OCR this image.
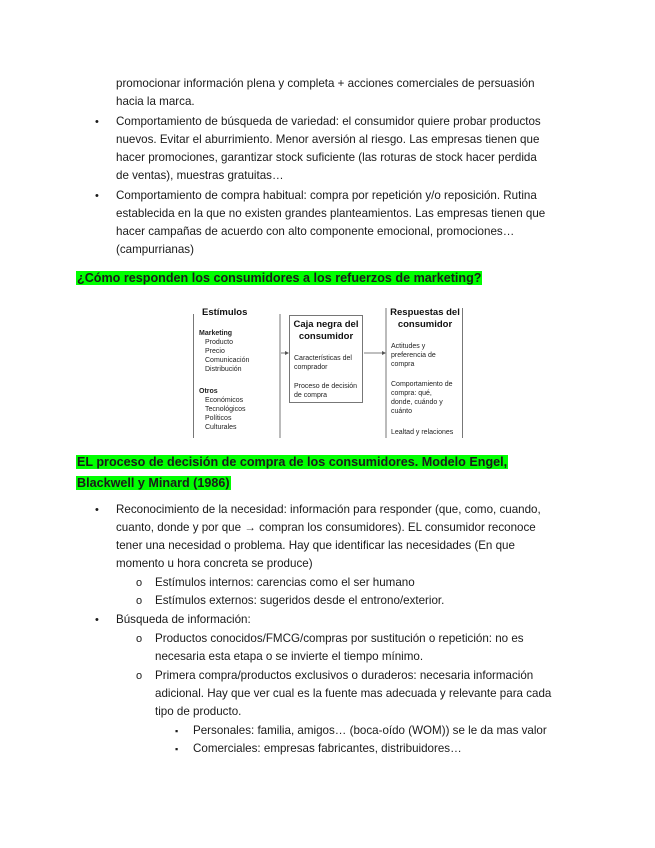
promocionar información plena y completa + acciones comerciales de persuasión
hacia la marca.
• Comportamiento de búsqueda de variedad: el consumidor quiere probar productos
nuevos. Evitar el aburrimiento. Menor aversión al riesgo. Las empresas tienen que
hacer promociones, garantizar stock suficiente (las roturas de stock hacer perdida
de ventas), muestras gratuitas…
• Comportamiento de compra habitual: compra por repetición y/o reposición. Rutina
establecida en la que no existen grandes planteamientos. Las empresas tienen que
hacer campañas de acuerdo con alto componente emocional, promociones…
(campurrianas)
¿Cómo responden los consumidores a los refuerzos de marketing?
Estímulos
Marketing
Producto
Precio
Comunicación
Distribución
Otros
Económicos
Tecnológicos
Políticos
Culturales
Caja negra del
consumidor
Características del
comprador
Proceso de decisión
de compra
Respuestas del
consumidor
Actitudes y
preferencia de
compra
Comportamiento de
compra: qué,
donde, cuándo y
cuánto
Lealtad y relaciones
EL proceso de decisión de compra de los consumidores. Modelo Engel,
Blackwell y Minard (1986)
• Reconocimiento de la necesidad: información para responder (que, como, cuando,
cuanto, donde y por que → compran los consumidores). EL consumidor reconoce
tener una necesidad o problema. Hay que identificar las necesidades (En que
momento u hora concreta se produce)
o Estímulos internos: carencias como el ser humano
o Estímulos externos: sugeridos desde el entrono/exterior.
• Búsqueda de información:
o Productos conocidos/FMCG/compras por sustitución o repetición: no es
necesaria esta etapa o se invierte el tiempo mínimo.
o Primera compra/productos exclusivos o duraderos: necesaria información
adicional. Hay que ver cual es la fuente mas adecuada y relevante para cada
tipo de producto.
▪ Personales: familia, amigos… (boca-oído (WOM)) se le da mas valor
▪ Comerciales: empresas fabricantes, distribuidores…
